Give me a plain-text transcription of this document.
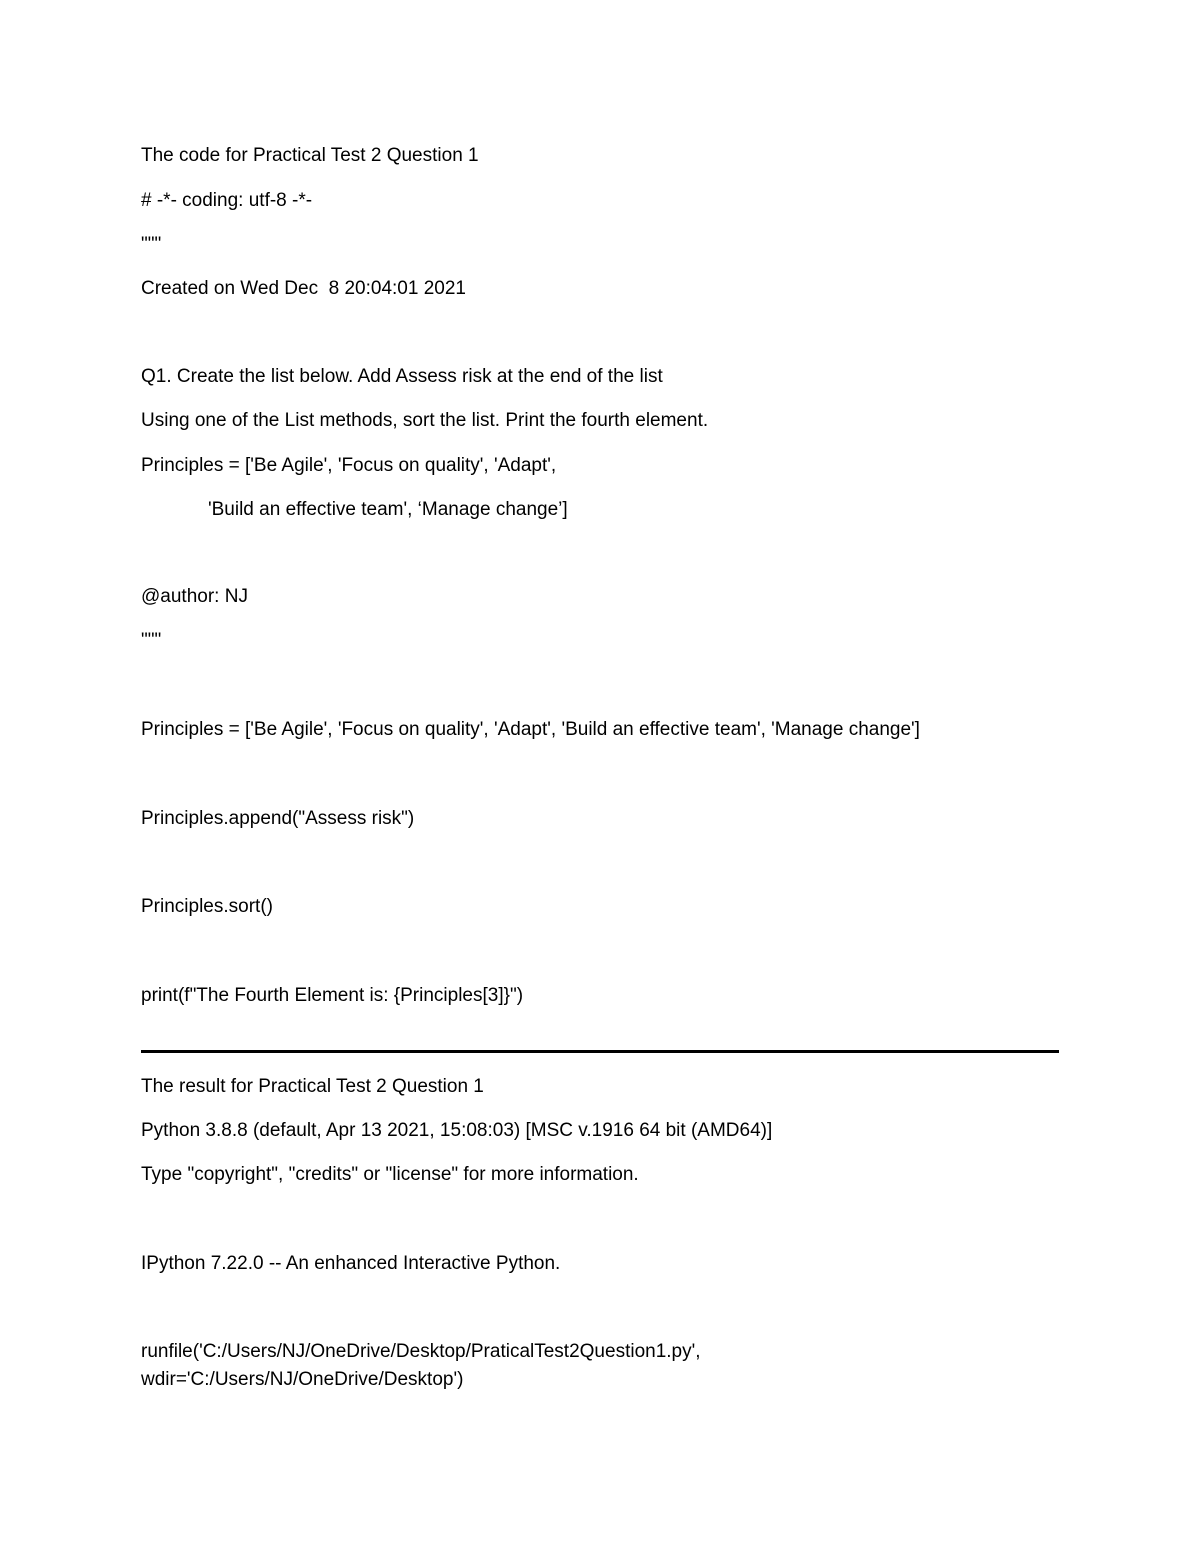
The code for Practical Test 2 Question 1
# -*- coding: utf-8 -*-
"""
Created on Wed Dec  8 20:04:01 2021
Q1. Create the list below. Add Assess risk at the end of the list
Using one of the List methods, sort the list. Print the fourth element.
Principles = ['Be Agile', 'Focus on quality', 'Adapt',
'Build an effective team', ‘Manage change’]
@author: NJ
"""
Principles = ['Be Agile', 'Focus on quality', 'Adapt', 'Build an effective team', 'Manage change']
Principles.append("Assess risk")
Principles.sort()
print(f"The Fourth Element is: {Principles[3]}")
The result for Practical Test 2 Question 1
Python 3.8.8 (default, Apr 13 2021, 15:08:03) [MSC v.1916 64 bit (AMD64)]
Type "copyright", "credits" or "license" for more information.
IPython 7.22.0 -- An enhanced Interactive Python.
runfile('C:/Users/NJ/OneDrive/Desktop/PraticalTest2Question1.py',
wdir='C:/Users/NJ/OneDrive/Desktop')
